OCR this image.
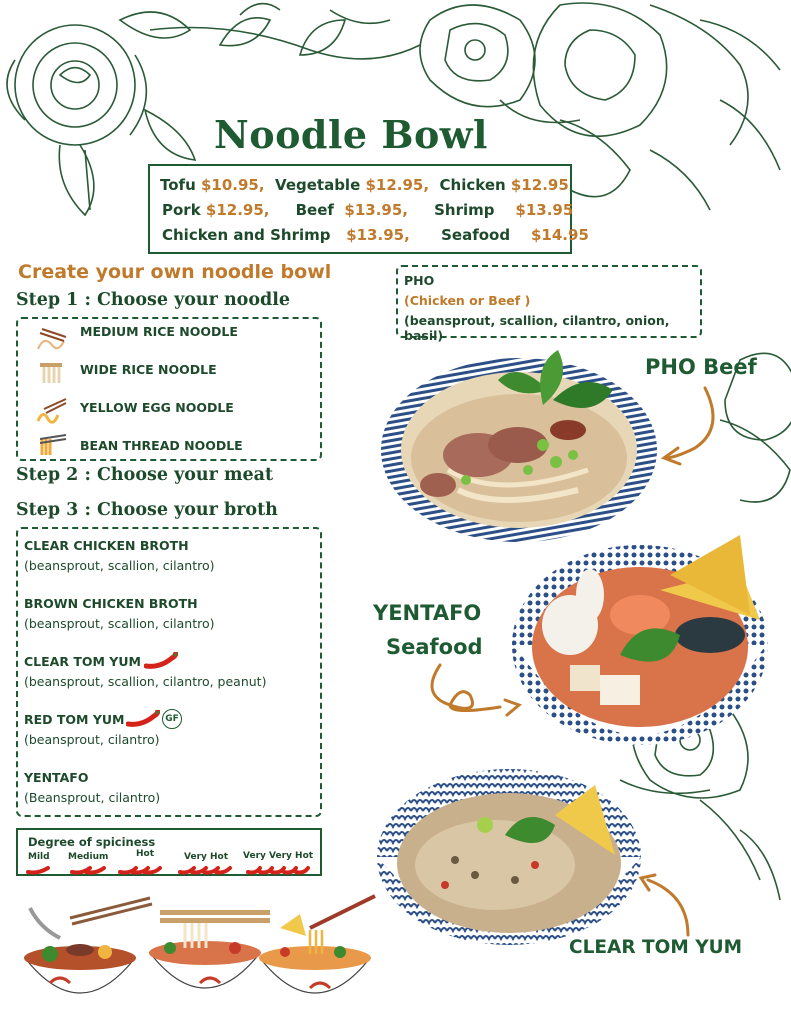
Noodle Bowl
Tofu $10.95, Vegetable $12.95, Chicken $12.95
Pork $12.95, Beef $13.95, Shrimp $13.95
Chicken and Shrimp $13.95, Seafood $14.95
Create your own noodle bowl
Step 1 : Choose your noodle
MEDIUM RICE NOODLE
WIDE RICE NOODLE
YELLOW EGG NOODLE
BEAN THREAD NOODLE
Step 2 : Choose your meat
Step 3 : Choose your broth
CLEAR CHICKEN BROTH
(beansprout, scallion, cilantro)
BROWN CHICKEN BROTH
(beansprout, scallion, cilantro)
CLEAR TOM YUM
(beansprout, scallion, cilantro, peanut)
RED TOM YUM	GF
(beansprout, cilantro)
YENTAFO
(Beansprout, cilantro)
Degree of spiciness
Mild Medium	Hot	Very Hot Very Very Hot
PHO
(Chicken or Beef )
(beansprout, scallion, cilantro, onion, basil)
PHO Beef
YENTAFO
Seafood
CLEAR TOM YUM
